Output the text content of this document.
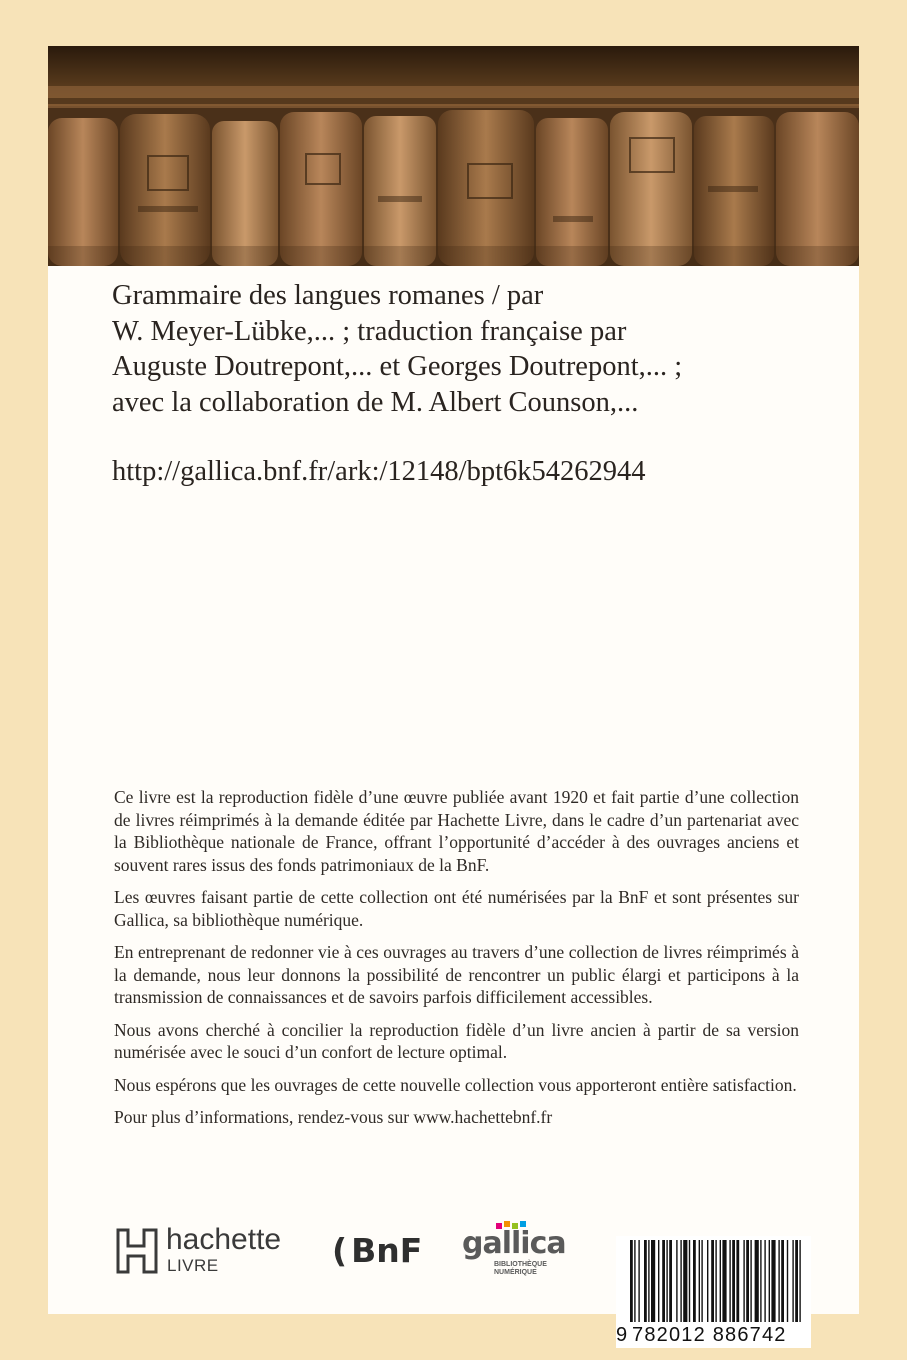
Grammaire des langues romanes / par
W. Meyer-Lübke,... ; traduction française par
Auguste Doutrepont,... et Georges Doutrepont,... ;
avec la collaboration de M. Albert Counson,...
http://gallica.bnf.fr/ark:/12148/bpt6k54262944

Ce livre est la reproduction fidèle d’une œuvre publiée avant 1920 et fait partie d’une collection de livres réimprimés à la demande éditée par Hachette Livre, dans le cadre d’un partenariat avec la Bibliothèque nationale de France, offrant l’opportunité d’accéder à des ouvrages anciens et souvent rares issus des fonds patrimoniaux de la BnF.

Les œuvres faisant partie de cette collection ont été numérisées par la BnF et sont présentes sur Gallica, sa bibliothèque numérique.

En entreprenant de redonner vie à ces ouvrages au travers d’une collection de livres réimprimés à la demande, nous leur donnons la possibilité de rencontrer un public élargi et participons à la transmission de connaissances et de savoirs parfois difficilement accessibles.

Nous avons cherché à concilier la reproduction fidèle d’un livre ancien à partir de sa version numérisée avec le souci d’un confort de lecture optimal.

Nous espérons que les ouvrages de cette nouvelle collection vous apporteront entière satisfaction.

Pour plus d’informations, rendez-vous sur www.hachettebnf.fr

hachette
LIVRE	( BnF gallica
BIBLIOTHÈQUE
NUMÉRIQUE
9 782012 886742
